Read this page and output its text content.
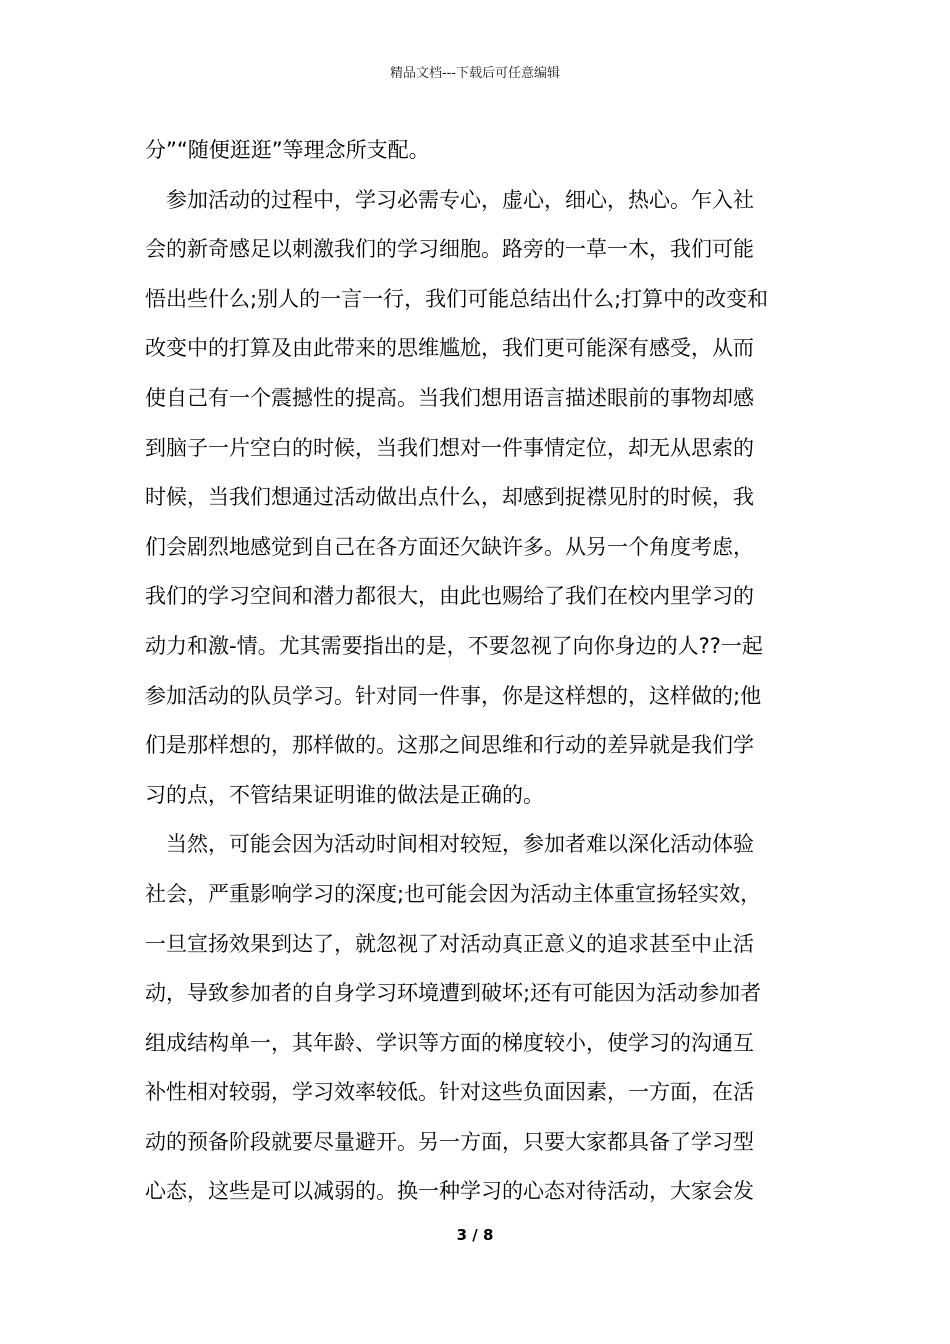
精品文档---下载后可任意编辑
分”“随便逛逛”等理念所支配。
参加活动的过程中，学习必需专心，虚心，细心，热心。乍入社
会的新奇感足以刺激我们的学习细胞。路旁的一草一木，我们可能
悟出些什么;别人的一言一行，我们可能总结出什么;打算中的改变和
改变中的打算及由此带来的思维尴尬，我们更可能深有感受，从而
使自己有一个震撼性的提高。当我们想用语言描述眼前的事物却感
到脑子一片空白的时候，当我们想对一件事情定位，却无从思索的
时候，当我们想通过活动做出点什么，却感到捉襟见肘的时候，我
们会剧烈地感觉到自己在各方面还欠缺许多。从另一个角度考虑，
我们的学习空间和潜力都很大，由此也赐给了我们在校内里学习的
动力和激-情。尤其需要指出的是，不要忽视了向你身边的人??一起
参加活动的队员学习。针对同一件事，你是这样想的，这样做的;他
们是那样想的，那样做的。这那之间思维和行动的差异就是我们学
习的点，不管结果证明谁的做法是正确的。
当然，可能会因为活动时间相对较短，参加者难以深化活动体验
社会，严重影响学习的深度;也可能会因为活动主体重宣扬轻实效，
一旦宣扬效果到达了，就忽视了对活动真正意义的追求甚至中止活
动，导致参加者的自身学习环境遭到破坏;还有可能因为活动参加者
组成结构单一，其年龄、学识等方面的梯度较小，使学习的沟通互
补性相对较弱，学习效率较低。针对这些负面因素，一方面，在活
动的预备阶段就要尽量避开。另一方面，只要大家都具备了学习型
心态，这些是可以减弱的。换一种学习的心态对待活动，大家会发
3 / 8
